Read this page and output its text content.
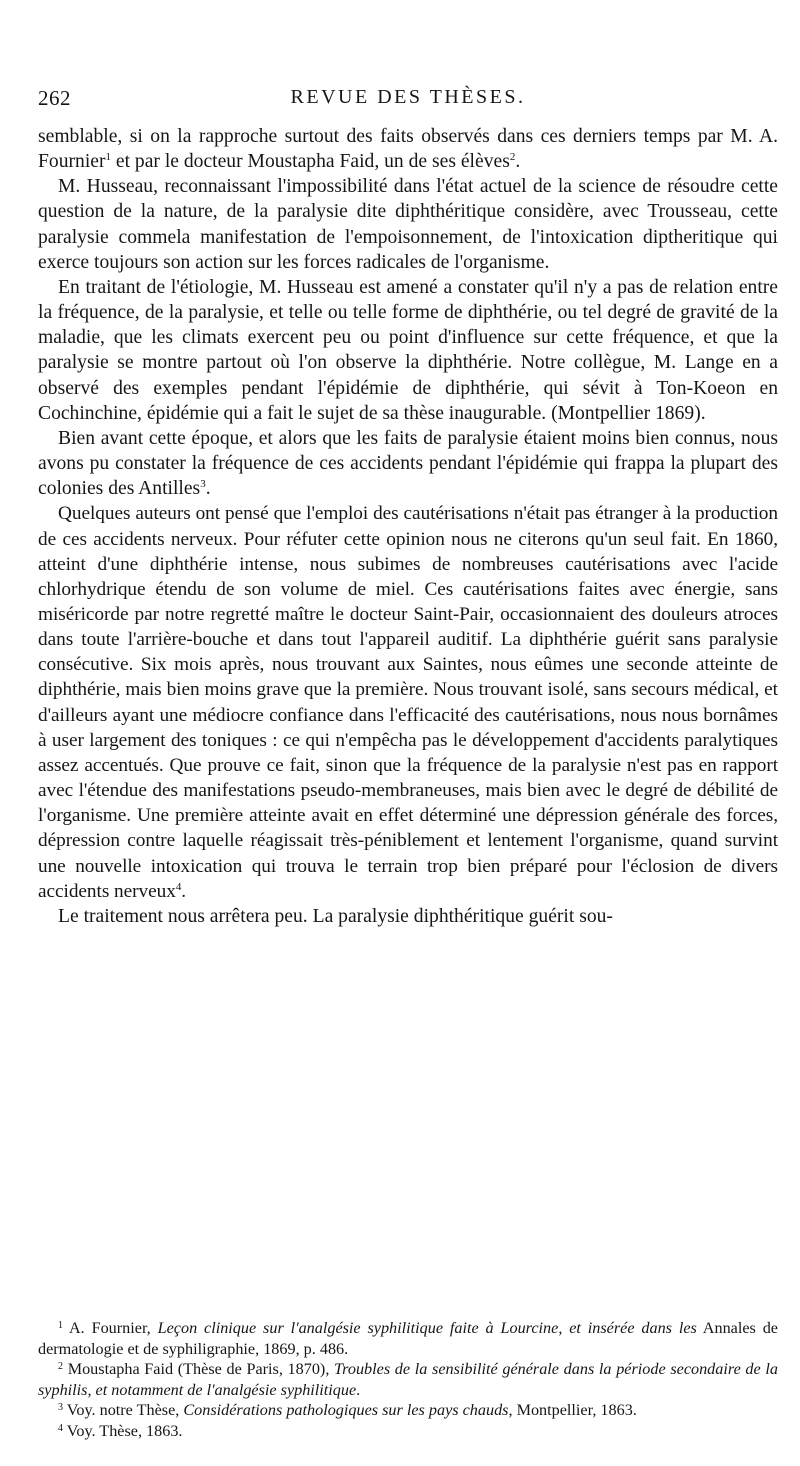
262	REVUE DES THÈSES.

semblable, si on la rapproche surtout des faits observés dans ces derniers temps par M. A. Fournier$^1$ et par le docteur Moustapha Faid, un de ses élèves$^2$.

M. Husseau, reconnaissant l'impossibilité dans l'état actuel de la science de résoudre cette question de la nature, de la paralysie dite diphthéritique considère, avec Trousseau, cette paralysie commela manifestation de l'empoisonnement, de l'intoxication diptheritique qui exerce toujours son action sur les forces radicales de l'organisme.

En traitant de l'étiologie, M. Husseau est amené a constater qu'il n'y a pas de relation entre la fréquence, de la paralysie, et telle ou telle forme de diphthérie, ou tel degré de gravité de la maladie, que les climats exercent peu ou point d'influence sur cette fréquence, et que la paralysie se montre partout où l'on observe la diphthérie. Notre collègue, M. Lange en a observé des exemples pendant l'épidémie de diphthérie, qui sévit à Ton-Koeon en Cochinchine, épidémie qui a fait le sujet de sa thèse inaugurable. (Montpellier 1869).

Bien avant cette époque, et alors que les faits de paralysie étaient moins bien connus, nous avons pu constater la fréquence de ces accidents pendant l'épidémie qui frappa la plupart des colonies des Antilles$^3$.

Quelques auteurs ont pensé que l'emploi des cautérisations n'était pas étranger à la production de ces accidents nerveux. Pour réfuter cette opinion nous ne citerons qu'un seul fait. En 1860, atteint d'une diphthérie intense, nous subimes de nombreuses cautérisations avec l'acide chlorhydrique étendu de son volume de miel. Ces cautérisations faites avec énergie, sans miséricorde par notre regretté maître le docteur Saint-Pair, occasionnaient des douleurs atroces dans toute l'arrière-bouche et dans tout l'appareil auditif. La diphthérie guérit sans paralysie consécutive. Six mois après, nous trouvant aux Saintes, nous eûmes une seconde atteinte de diphthérie, mais bien moins grave que la première. Nous trouvant isolé, sans secours médical, et d'ailleurs ayant une médiocre confiance dans l'efficacité des cautérisations, nous nous bornâmes à user largement des toniques : ce qui n'empêcha pas le développement d'accidents paralytiques assez accentués. Que prouve ce fait, sinon que la fréquence de la paralysie n'est pas en rapport avec l'étendue des manifestations pseudo-membraneuses, mais bien avec le degré de débilité de l'organisme. Une première atteinte avait en effet déterminé une dépression générale des forces, dépression contre laquelle réagissait très-péniblement et lentement l'organisme, quand survint une nouvelle intoxication qui trouva le terrain trop bien préparé pour l'éclosion de divers accidents nerveux$^4$.

Le traitement nous arrêtera peu. La paralysie diphthéritique guérit sou-

$^1$ A. Fournier, Leçon clinique sur l'analgésie syphilitique faite à Lourcine, et insérée dans les Annales de dermatologie et de syphiligraphie, 1869, p. 486.

$^2$ Moustapha Faid (Thèse de Paris, 1870), Troubles de la sensibilité générale dans la période secondaire de la syphilis, et notamment de l'analgésie syphilitique.

$^3$ Voy. notre Thèse, Considérations pathologiques sur les pays chauds, Montpellier, 1863.

$^4$ Voy. Thèse, 1863.
